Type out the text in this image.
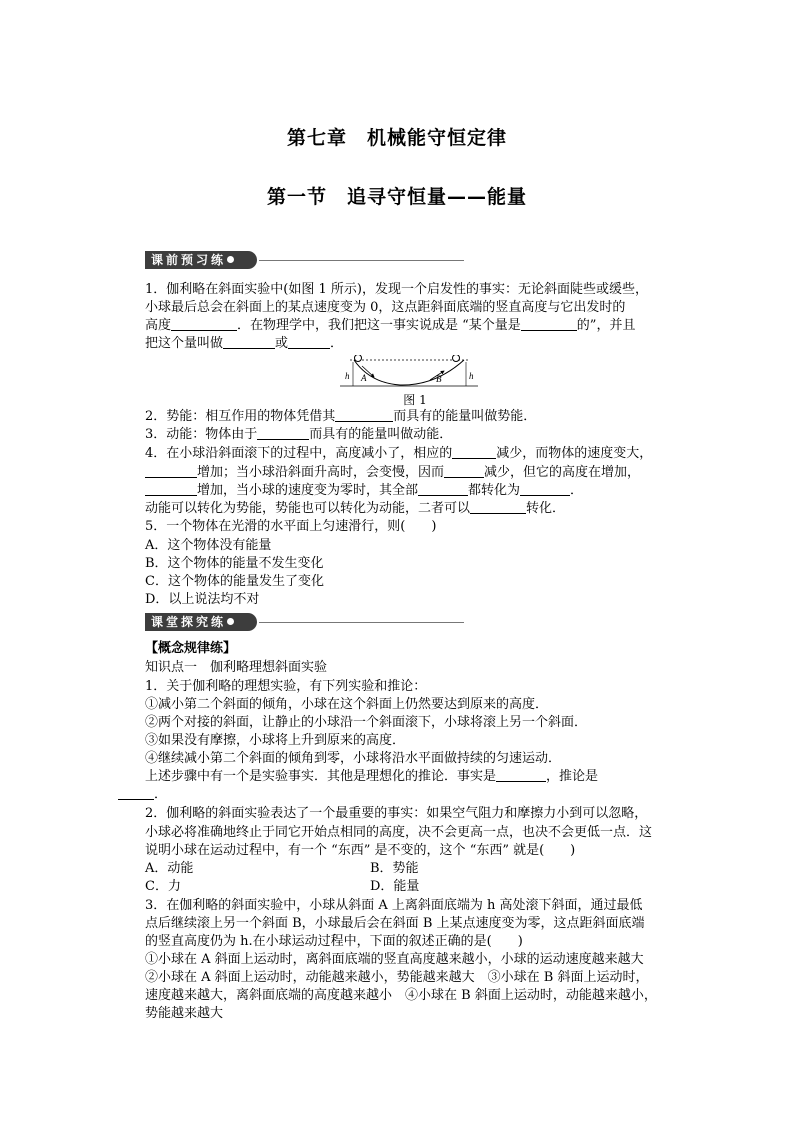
第七章　机械能守恒定律
第一节　追寻守恒量——能量
课前预习练
1．伽利略在斜面实验中(如图 1 所示)，发现一个启发性的事实：无论斜面陡些或缓些，
小球最后总会在斜面上的某点速度变为 0，这点距斜面底端的竖直高度与它出发时的
高度	．在物理学中，我们把这一事实说成是 “某个量是	的”，并且
把这个量叫做	或	．
h A	B	h
图 1
2．势能：相互作用的物体凭借其	而具有的能量叫做势能．
3．动能：物体由于	而具有的能量叫做动能．
4．在小球沿斜面滚下的过程中，高度减小了，相应的	减少，而物体的速度变大，
增加；当小球沿斜面升高时，会变慢，因而	减少，但它的高度在增加，
增加，当小球的速度变为零时，其全部	都转化为	．
动能可以转化为势能，势能也可以转化为动能，二者可以	转化．
5．一个物体在光滑的水平面上匀速滑行，则(　　)
A．这个物体没有能量
B．这个物体的能量不发生变化
C．这个物体的能量发生了变化
D．以上说法均不对
课堂探究练
【概念规律练】
知识点一　伽利略理想斜面实验
1．关于伽利略的理想实验，有下列实验和推论：
①减小第二个斜面的倾角，小球在这个斜面上仍然要达到原来的高度．
②两个对接的斜面，让静止的小球沿一个斜面滚下，小球将滚上另一个斜面．
③如果没有摩擦，小球将上升到原来的高度．
④继续减小第二个斜面的倾角到零，小球将沿水平面做持续的匀速运动．
上述步骤中有一个是实验事实．其他是理想化的推论．事实是	，推论是
．
2．伽利略的斜面实验表达了一个最重要的事实：如果空气阻力和摩擦力小到可以忽略，
小球必将准确地终止于同它开始点相同的高度，决不会更高一点，也决不会更低一点．这
说明小球在运动过程中，有一个 “东西” 是不变的，这个 “东西” 就是(　　)
A．动能	B．势能
C．力	D．能量
3．在伽利略的斜面实验中，小球从斜面 A 上离斜面底端为 h 高处滚下斜面，通过最低
点后继续滚上另一个斜面 B，小球最后会在斜面 B 上某点速度变为零，这点距斜面底端
的竖直高度仍为 h.在小球运动过程中，下面的叙述正确的是(　　)
①小球在 A 斜面上运动时，离斜面底端的竖直高度越来越小，小球的运动速度越来越大
②小球在 A 斜面上运动时，动能越来越小，势能越来越大　③小球在 B 斜面上运动时，
速度越来越大，离斜面底端的高度越来越小　④小球在 B 斜面上运动时，动能越来越小，
势能越来越大
